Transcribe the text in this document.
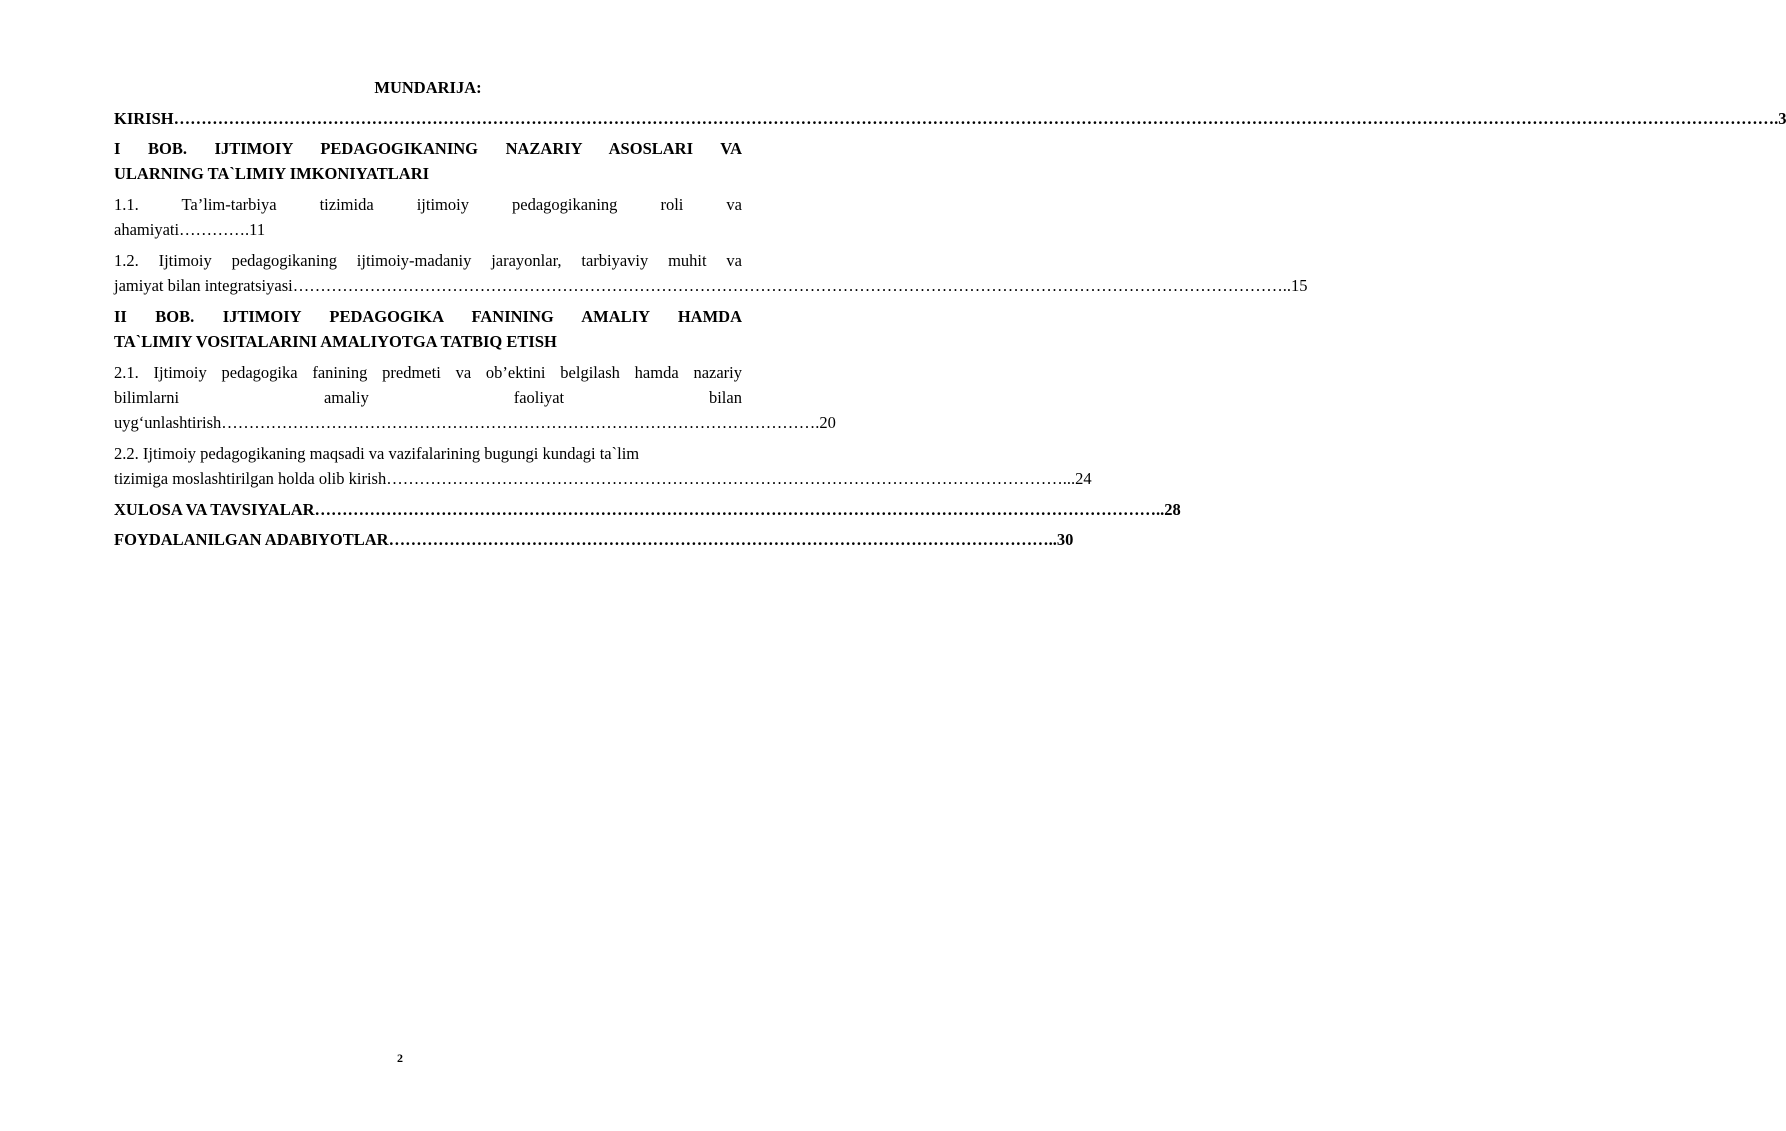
MUNDARIJA:
KIRISH………………………………………………………………………………………………………………………………………………………………………………………………………………………………………………………………….3
I BOB. IJTIMOIY PEDAGOGIKANING NAZARIY ASOSLARI VA
ULARNING TA`LIMIY IMKONIYATLARI
1.1. Ta’lim-tarbiya tizimida ijtimoiy pedagogikaning roli va
ahamiyati………….11
1.2. Ijtimoiy pedagogikaning ijtimoiy-madaniy jarayonlar, tarbiyaviy muhit va
jamiyat bilan integratsiyasi………………………………………………………………………………………………………………………………………………………………..15
II BOB. IJTIMOIY PEDAGOGIKA FANINING AMALIY HAMDA
TA`LIMIY VOSITALARINI AMALIYOTGA TATBIQ ETISH
2.1. Ijtimoiy pedagogika fanining predmeti va ob’ektini belgilash hamda nazariy
bilimlarni	amaliy	faoliyat	bilan
uyg‘unlashtirish……………………………………………………………………………………………….20
2.2. Ijtimoiy pedagogikaning maqsadi va vazifalarining bugungi kundagi ta`lim
tizimiga moslashtirilgan holda olib kirish……………………………………………………………………………………………………………...24
XULOSA VA TAVSIYALAR………………………………………………………………………………………………………………………………………..28
FOYDALANILGAN ADABIYOTLAR…………………………………………………………………………………………………………..30
2
